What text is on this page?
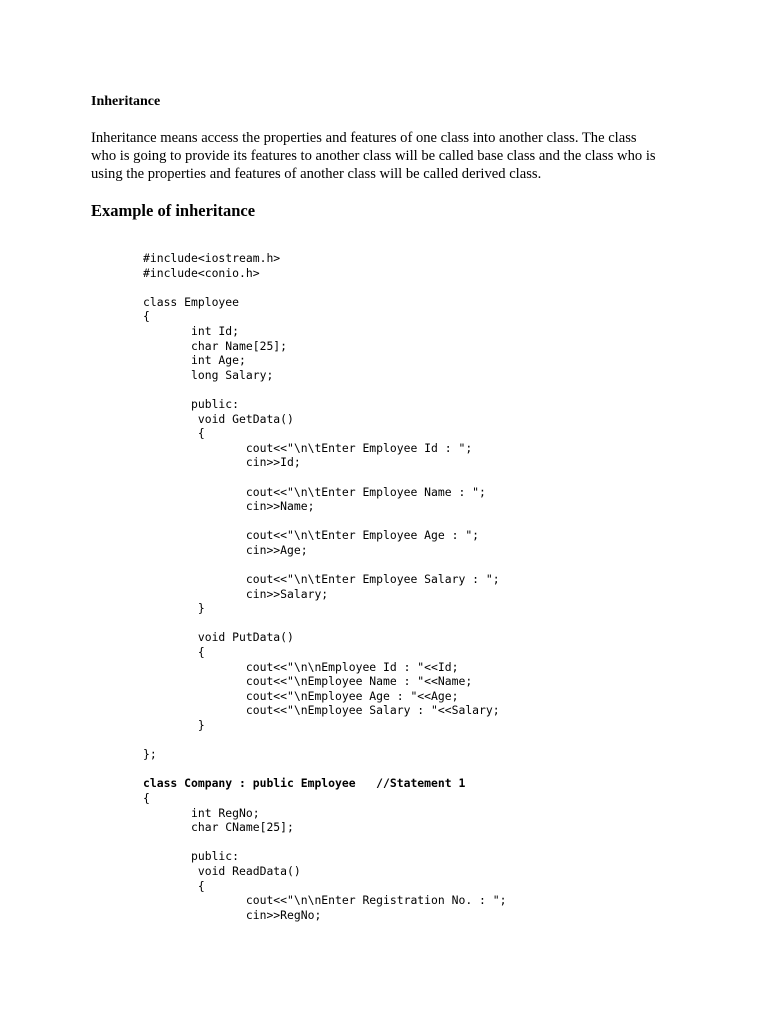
Inheritance

Inheritance means access the properties and features of one class into another class. The class
who is going to provide its features to another class will be called base class and the class who is
using the properties and features of another class will be called derived class.

Example of inheritance
#include<iostream.h>
#include<conio.h>
class Employee
{
int Id;
char Name[25];
int Age;
long Salary;
public:
void GetData()
{
cout<<"\n\tEnter Employee Id : ";
cin>>Id;
cout<<"\n\tEnter Employee Name : ";
cin>>Name;
cout<<"\n\tEnter Employee Age : ";
cin>>Age;
cout<<"\n\tEnter Employee Salary : ";
cin>>Salary;
}
void PutData()
{
cout<<"\n\nEmployee Id : "<<Id;
cout<<"\nEmployee Name : "<<Name;
cout<<"\nEmployee Age : "<<Age;
cout<<"\nEmployee Salary : "<<Salary;
}
};
class Company : public Employee   //Statement 1
{
int RegNo;
char CName[25];
public:
void ReadData()
{
cout<<"\n\nEnter Registration No. : ";
cin>>RegNo;
